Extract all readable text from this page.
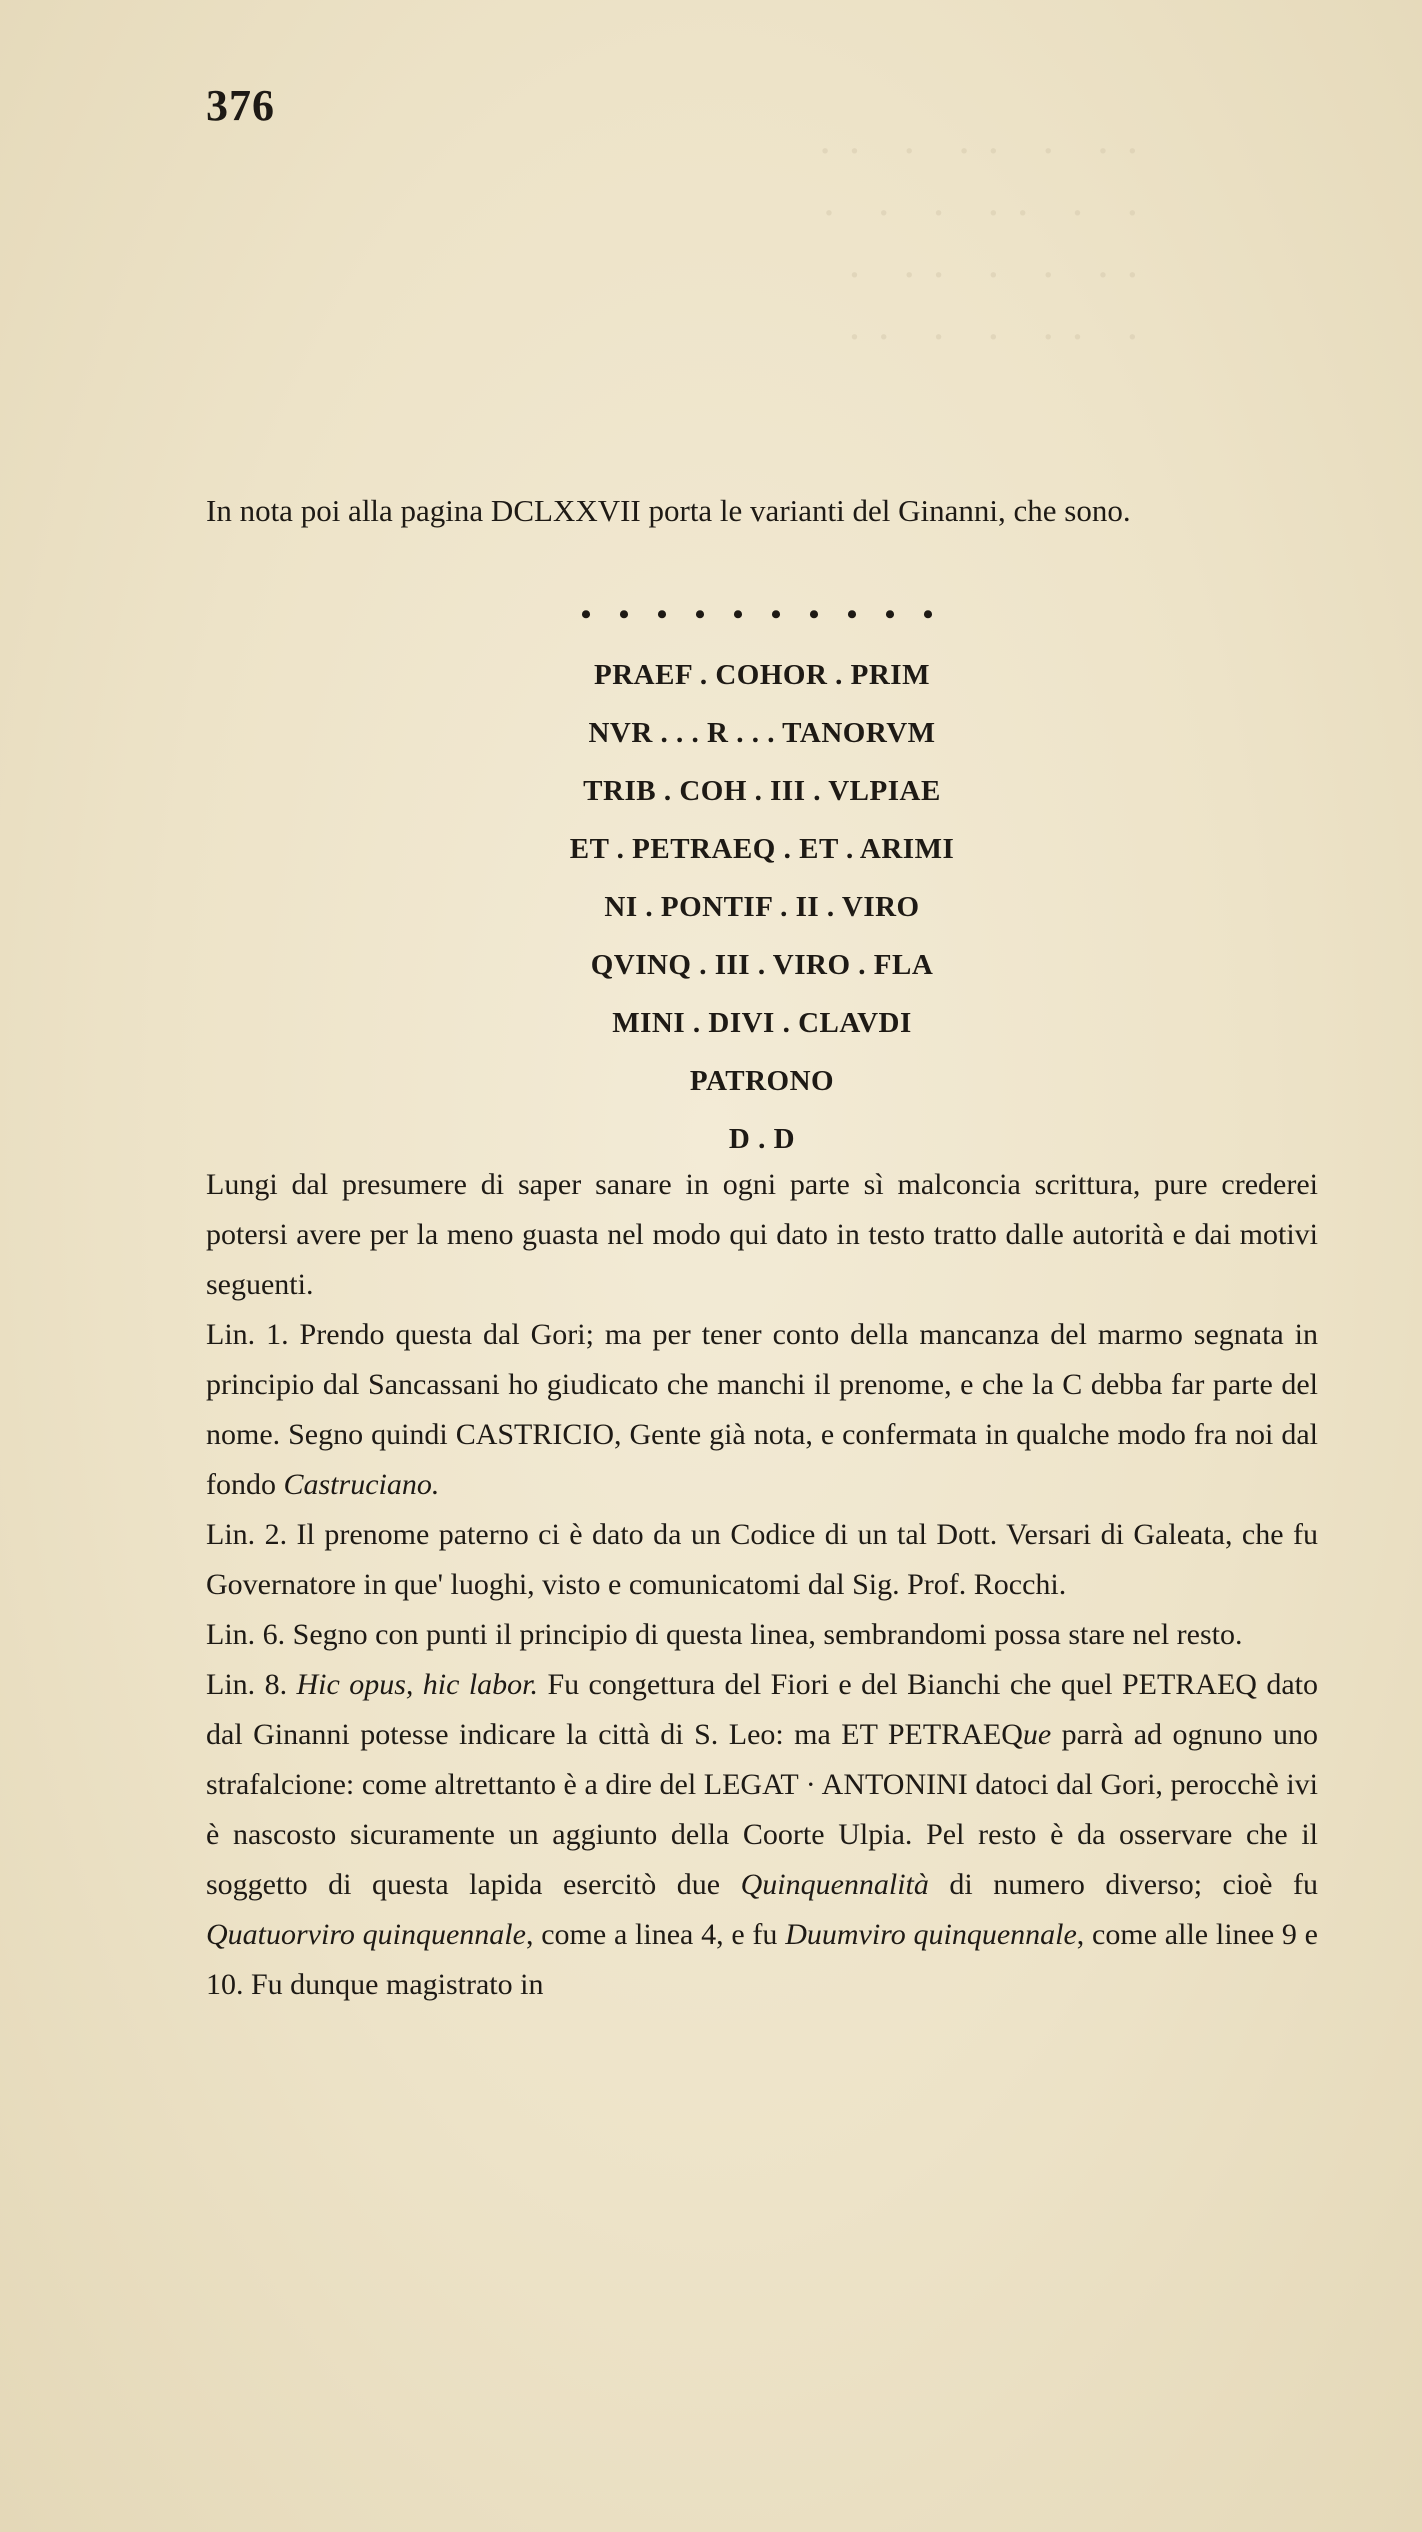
·· · ·· · ··
· · ·· · · ·
·· · · ·· ·
· ·· · · ··
376
In nota poi alla pagina DCLXXVII porta le varianti del Ginanni, che sono.
• • • • • • • • • •
PRAEF . COHOR . PRIM
NVR . . . R . . . TANORVM
TRIB . COH . III . VLPIAE
ET . PETRAEQ . ET . ARIMI
NI . PONTIF . II . VIRO
QVINQ . III . VIRO . FLA
MINI . DIVI . CLAVDI
PATRONO
D . D

Lungi dal presumere di saper sanare in ogni parte sì malconcia scrittura, pure crederei potersi avere per la meno guasta nel modo qui dato in testo tratto dalle autorità e dai motivi seguenti.

Lin. 1. Prendo questa dal Gori; ma per tener conto della mancanza del marmo segnata in principio dal Sancassani ho giudicato che manchi il prenome, e che la C debba far parte del nome. Segno quindi CASTRICIO, Gente già nota, e confermata in qualche modo fra noi dal fondo Castruciano.

Lin. 2. Il prenome paterno ci è dato da un Codice di un tal Dott. Versari di Galeata, che fu Governatore in que' luoghi, visto e comunicatomi dal Sig. Prof. Rocchi.

Lin. 6. Segno con punti il principio di questa linea, sembrandomi possa stare nel resto.

Lin. 8. Hic opus, hic labor. Fu congettura del Fiori e del Bianchi che quel PETRAEQ dato dal Ginanni potesse indicare la città di S. Leo: ma ET PETRAEQue parrà ad ognuno uno strafalcione: come altrettanto è a dire del LEGAT · ANTONINI datoci dal Gori, perocchè ivi è nascosto sicuramente un aggiunto della Coorte Ulpia. Pel resto è da osservare che il soggetto di questa lapida esercitò due Quinquennalità di numero diverso; cioè fu Quatuorviro quinquennale, come a linea 4, e fu Duumviro quinquennale, come alle linee 9 e 10. Fu dunque magistrato in
